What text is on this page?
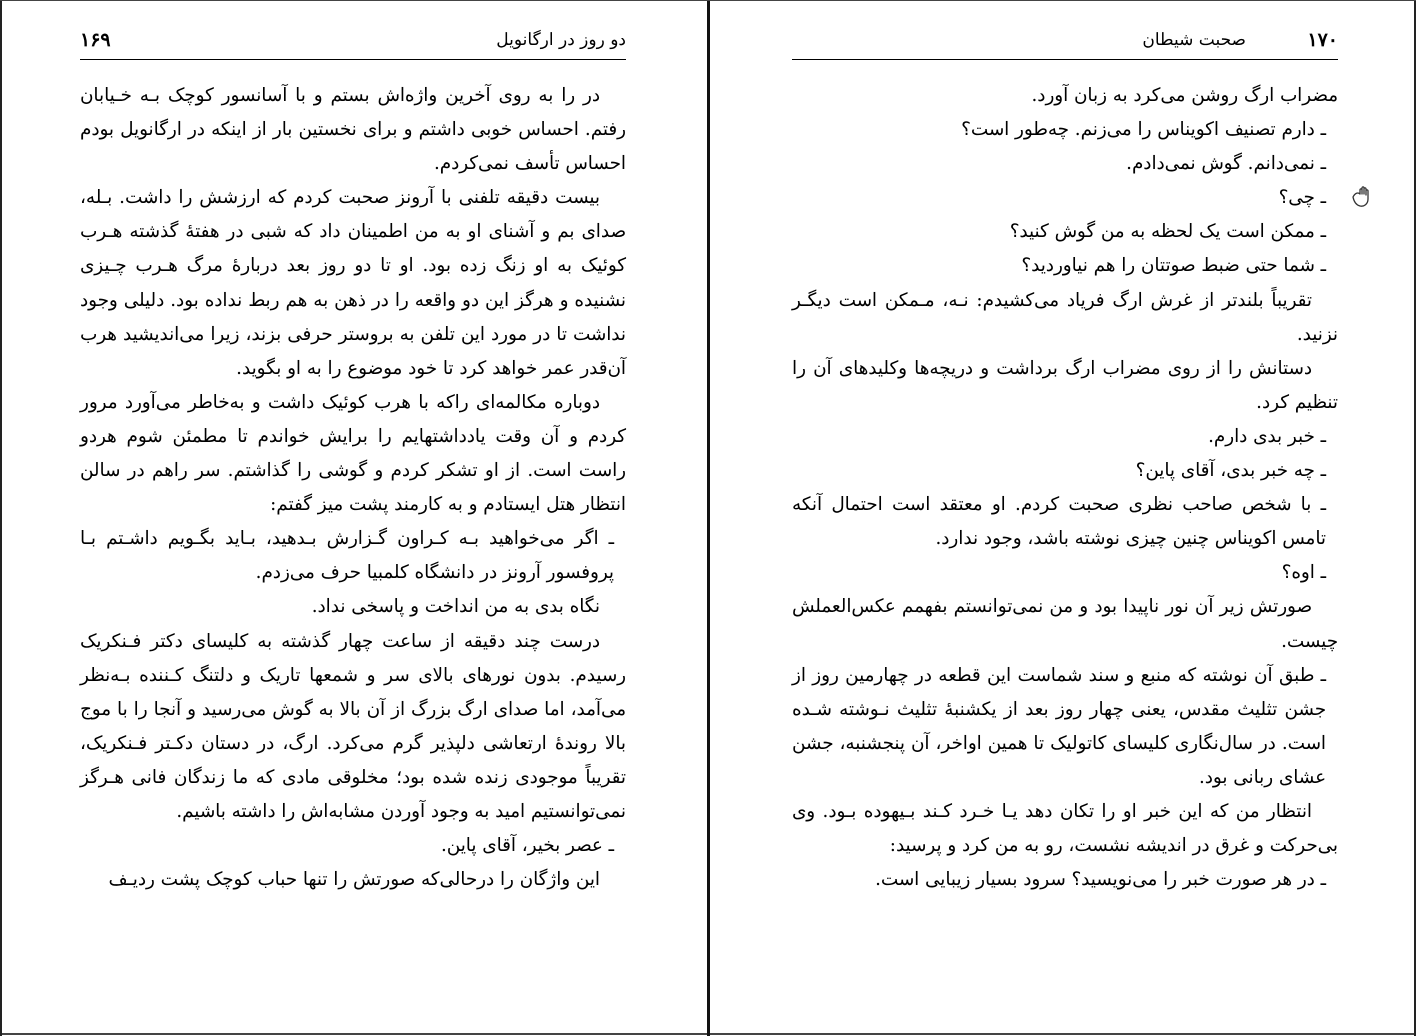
دو روز در ارگانویل
۱۶۹

در را به روی آخرین واژه‌اش بستم و با آسانسور کوچک بـه خـیابان رفتم. احساس خوبی داشتم و برای نخستین بار از اینکه در ارگانویل بودم احساس تأسف نمی‌کردم.

بیست دقیقه تلفنی با آرونز صحبت کردم که ارزشش را داشت. بـله، صدای بم و آشنای او به من اطمینان داد که شبی در هفتهٔ گذشته هـرب کوئیک به او زنگ زده بود. او تا دو روز بعد دربارهٔ مرگ هـرب چـیزی نشنیده و هرگز این دو واقعه را در ذهن به هم ربط نداده بود. دلیلی وجود نداشت تا در مورد این تلفن به بروستر حرفی بزند، زیرا می‌اندیشید هرب آن‌قدر عمر خواهد کرد تا خود موضوع را به او بگوید.

دوباره مکالمه‌ای راکه با هرب کوئیک داشت و به‌خاطر می‌آورد مرور کردم و آن وقت یادداشتهایم را برایش خواندم تا مطمئن شوم هردو راست است. از او تشکر کردم و گوشی را گذاشتم. سر راهم در سالن انتظار هتل ایستادم و به کارمند پشت میز گفتم:

ـ اگر می‌خواهید بـه کـراون گـزارش بـدهید، بـاید بگـویم داشـتم بـا پروفسور آرونز در دانشگاه کلمبیا حرف می‌زدم.

نگاه بدی به من انداخت و پاسخی نداد.

درست چند دقیقه از ساعت چهار گذشته به کلیسای دکتر فـنکریک رسیدم. بدون نورهای بالای سر و شمعها تاریک و دلتنگ کـننده بـه‌نظر می‌آمد، اما صدای ارگ بزرگ از آن بالا به گوش می‌رسید و آنجا را با موج بالا روندهٔ ارتعاشی دلپذیر گرم می‌کرد. ارگ، در دستان دکـتر فـنکریک، تقریباً موجودی زنده شده بود؛ مخلوقی مادی که ما زندگان فانی هـرگز نمی‌توانستیم امید به وجود آوردن مشابه‌اش را داشته باشیم.

ـ عصر بخیر، آقای پاین.

این واژگان را درحالی‌که صورتش را تنها حباب کوچک پشت ردیـف

۱۷۰
صحبت شیطان

مضراب ارگ روشن می‌کرد به زبان آورد.

ـ دارم تصنیف اکویناس را می‌زنم. چه‌طور است؟

ـ نمی‌دانم. گوش نمی‌دادم.

ـ چی؟

ـ ممکن است یک لحظه به من گوش کنید؟

ـ شما حتی ضبط صوتتان را هم نیاوردید؟

تقریباً بلندتر از غرش ارگ فریاد می‌کشیدم: نـه، مـمکن است دیگـر نزنید.

دستانش را از روی مضراب ارگ برداشت و دریچه‌ها وکلیدهای آن را تنظیم کرد.

ـ خبر بدی دارم.

ـ چه خبر بدی، آقای پاین؟

ـ با شخص صاحب نظری صحبت کردم. او معتقد است احتمال آنکه تامس اکویناس چنین چیزی نوشته باشد، وجود ندارد.

ـ اوه؟

صورتش زیر آن نور ناپیدا بود و من نمی‌توانستم بفهمم عکس‌العملش چیست.

ـ طبق آن نوشته که منبع و سند شماست این قطعه در چهارمین روز از جشن تثلیث مقدس، یعنی چهار روز بعد از یکشنبهٔ تثلیث نـوشته شـده است. در سال‌نگاری کلیسای کاتولیک تا همین اواخر، آن پنجشنبه، جشن عشای ربانی بود.

انتظار من که این خبر او را تکان دهد یـا خـرد کـند بـیهوده بـود. وی بی‌حرکت و غرق در اندیشه نشست، رو به من کرد و پرسید:

ـ در هر صورت خبر را می‌نویسید؟ سرود بسیار زیبایی است.
